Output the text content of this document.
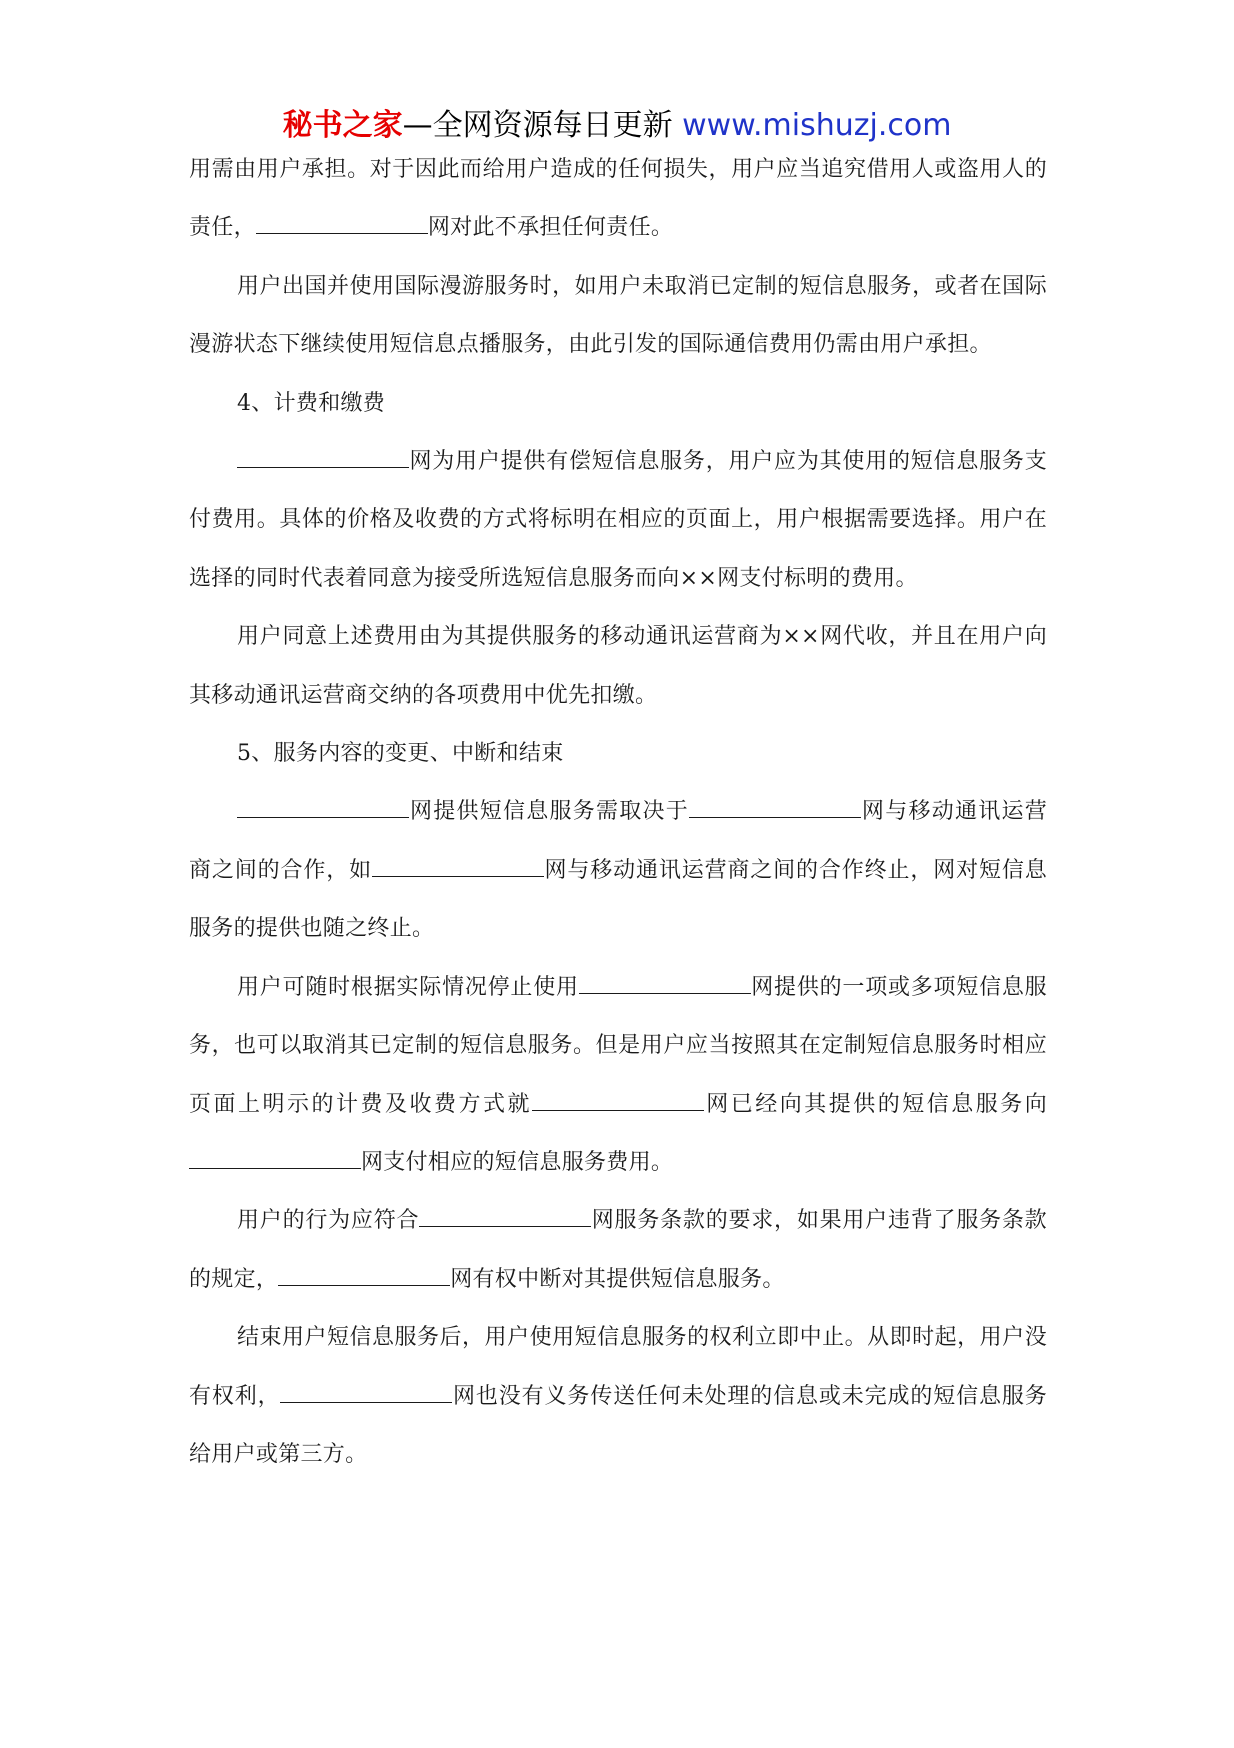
秘书之家—全网资源每日更新 www.mishuzj.com

用需由用户承担。对于因此而给用户造成的任何损失，用户应当追究借用人或盗用人的责任，	网对此不承担任何责任。

用户出国并使用国际漫游服务时，如用户未取消已定制的短信息服务，或者在国际漫游状态下继续使用短信息点播服务，由此引发的国际通信费用仍需由用户承担。

4、计费和缴费

网为用户提供有偿短信息服务，用户应为其使用的短信息服务支付费用。具体的价格及收费的方式将标明在相应的页面上，用户根据需要选择。用户在选择的同时代表着同意为接受所选短信息服务而向××网支付标明的费用。

用户同意上述费用由为其提供服务的移动通讯运营商为××网代收，并且在用户向其移动通讯运营商交纳的各项费用中优先扣缴。

5、服务内容的变更、中断和结束

网提供短信息服务需取决于	网与移动通讯运营商之间的合作，如	网与移动通讯运营商之间的合作终止，网对短信息服务的提供也随之终止。

用户可随时根据实际情况停止使用	网提供的一项或多项短信息服务，也可以取消其已定制的短信息服务。但是用户应当按照其在定制短信息服务时相应页面上明示的计费及收费方式就	网已经向其提供的短信息服务向网支付相应的短信息服务费用。

用户的行为应符合	网服务条款的要求，如果用户违背了服务条款的规定，	网有权中断对其提供短信息服务。

结束用户短信息服务后，用户使用短信息服务的权利立即中止。从即时起，用户没有权利，	网也没有义务传送任何未处理的信息或未完成的短信息服务给用户或第三方。
